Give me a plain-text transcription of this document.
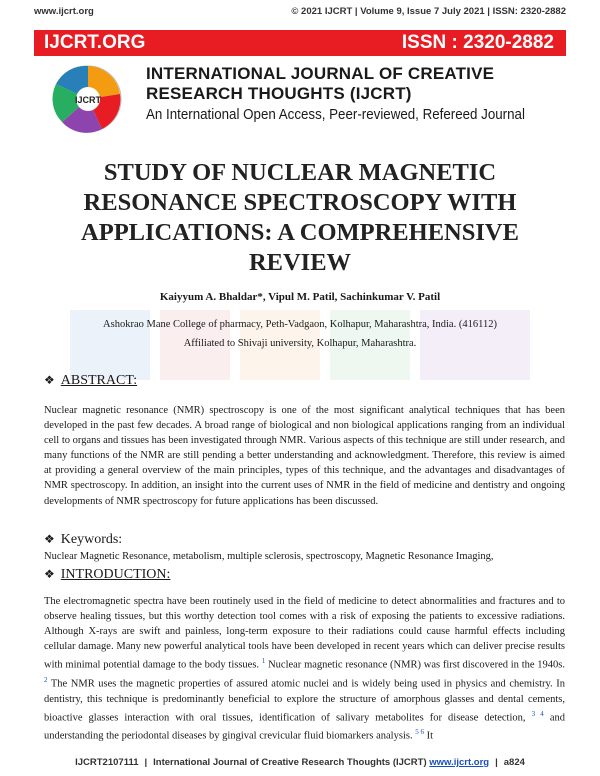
www.ijcrt.org	© 2021 IJCRT | Volume 9, Issue 7 July 2021 | ISSN: 2320-2882
IJCRT.ORG	ISSN : 2320-2882
IJCRT
INTERNATIONAL JOURNAL OF CREATIVE
RESEARCH THOUGHTS (IJCRT)
An International Open Access, Peer-reviewed, Refereed Journal
STUDY OF NUCLEAR MAGNETIC RESONANCE SPECTROSCOPY WITH APPLICATIONS: A COMPREHENSIVE REVIEW
Kaiyyum A. Bhaldar*, Vipul M. Patil, Sachinkumar V. Patil
Ashokrao Mane College of pharmacy, Peth-Vadgaon, Kolhapur, Maharashtra, India. (416112)
Affiliated to Shivaji university, Kolhapur, Maharashtra.
❖ ABSTRACT:
Nuclear magnetic resonance (NMR) spectroscopy is one of the most significant analytical techniques that has been developed in the past few decades. A broad range of biological and non biological applications ranging from an individual cell to organs and tissues has been investigated through NMR. Various aspects of this technique are still under research, and many functions of the NMR are still pending a better understanding and acknowledgment. Therefore, this review is aimed at providing a general overview of the main principles, types of this technique, and the advantages and disadvantages of NMR spectroscopy. In addition, an insight into the current uses of NMR in the field of medicine and dentistry and ongoing developments of NMR spectroscopy for future applications has been discussed.
❖ Keywords:
Nuclear Magnetic Resonance, metabolism, multiple sclerosis, spectroscopy, Magnetic Resonance Imaging,
❖ INTRODUCTION:
The electromagnetic spectra have been routinely used in the field of medicine to detect abnormalities and fractures and to observe healing tissues, but this worthy detection tool comes with a risk of exposing the patients to excessive radiations. Although X-rays are swift and painless, long-term exposure to their radiations could cause harmful effects including cellular damage. Many new powerful analytical tools have been developed in recent years which can deliver precise results with minimal potential damage to the body tissues. $^1$ Nuclear magnetic resonance (NMR) was first discovered in the 1940s. $^2$ The NMR uses the magnetic properties of assured atomic nuclei and is widely being used in physics and chemistry. In dentistry, this technique is predominantly beneficial to explore the structure of amorphous glasses and dental cements, bioactive glasses interaction with oral tissues, identification of salivary metabolites for disease detection, $^{3 4}$ and understanding the periodontal diseases by gingival crevicular fluid biomarkers analysis. $^{5 6}$ It
IJCRT2107111 | International Journal of Creative Research Thoughts (IJCRT) www.ijcrt.org | a824
